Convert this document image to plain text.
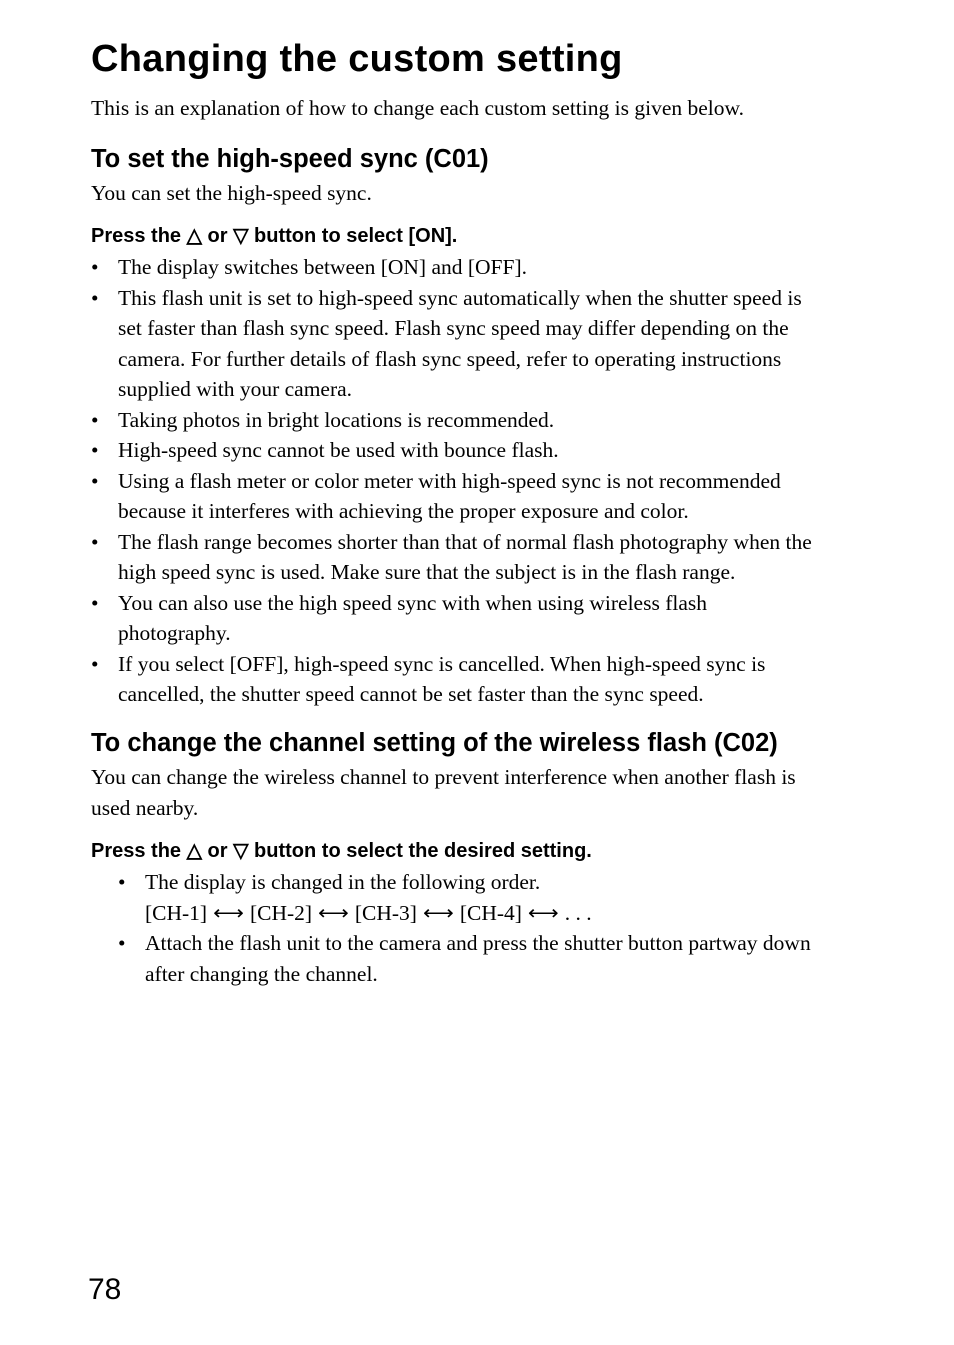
Changing the custom setting
This is an explanation of how to change each custom setting is given below.
To set the high-speed sync (C01)
You can set the high-speed sync.
Press the △ or ▽ button to select [ON].
• The display switches between [ON] and [OFF].
• This flash unit is set to high-speed sync automatically when the shutter speed is
set faster than flash sync speed. Flash sync speed may differ depending on the
camera. For further details of flash sync speed, refer to operating instructions
supplied with your camera.
• Taking photos in bright locations is recommended.
• High-speed sync cannot be used with bounce flash.
• Using a flash meter or color meter with high-speed sync is not recommended
because it interferes with achieving the proper exposure and color.
• The flash range becomes shorter than that of normal flash photography when the
high speed sync is used. Make sure that the subject is in the flash range.
• You can also use the high speed sync with when using wireless flash
photography.
• If you select [OFF], high-speed sync is cancelled. When high-speed sync is
cancelled, the shutter speed cannot be set faster than the sync speed.
To change the channel setting of the wireless flash (C02)
You can change the wireless channel to prevent interference when another flash is
used nearby.
Press the △ or ▽ button to select the desired setting.
• The display is changed in the following order.
[CH-1] ⟷ [CH-2] ⟷ [CH-3] ⟷ [CH-4] ⟷ . . .
• Attach the flash unit to the camera and press the shutter button partway down
after changing the channel.
78
